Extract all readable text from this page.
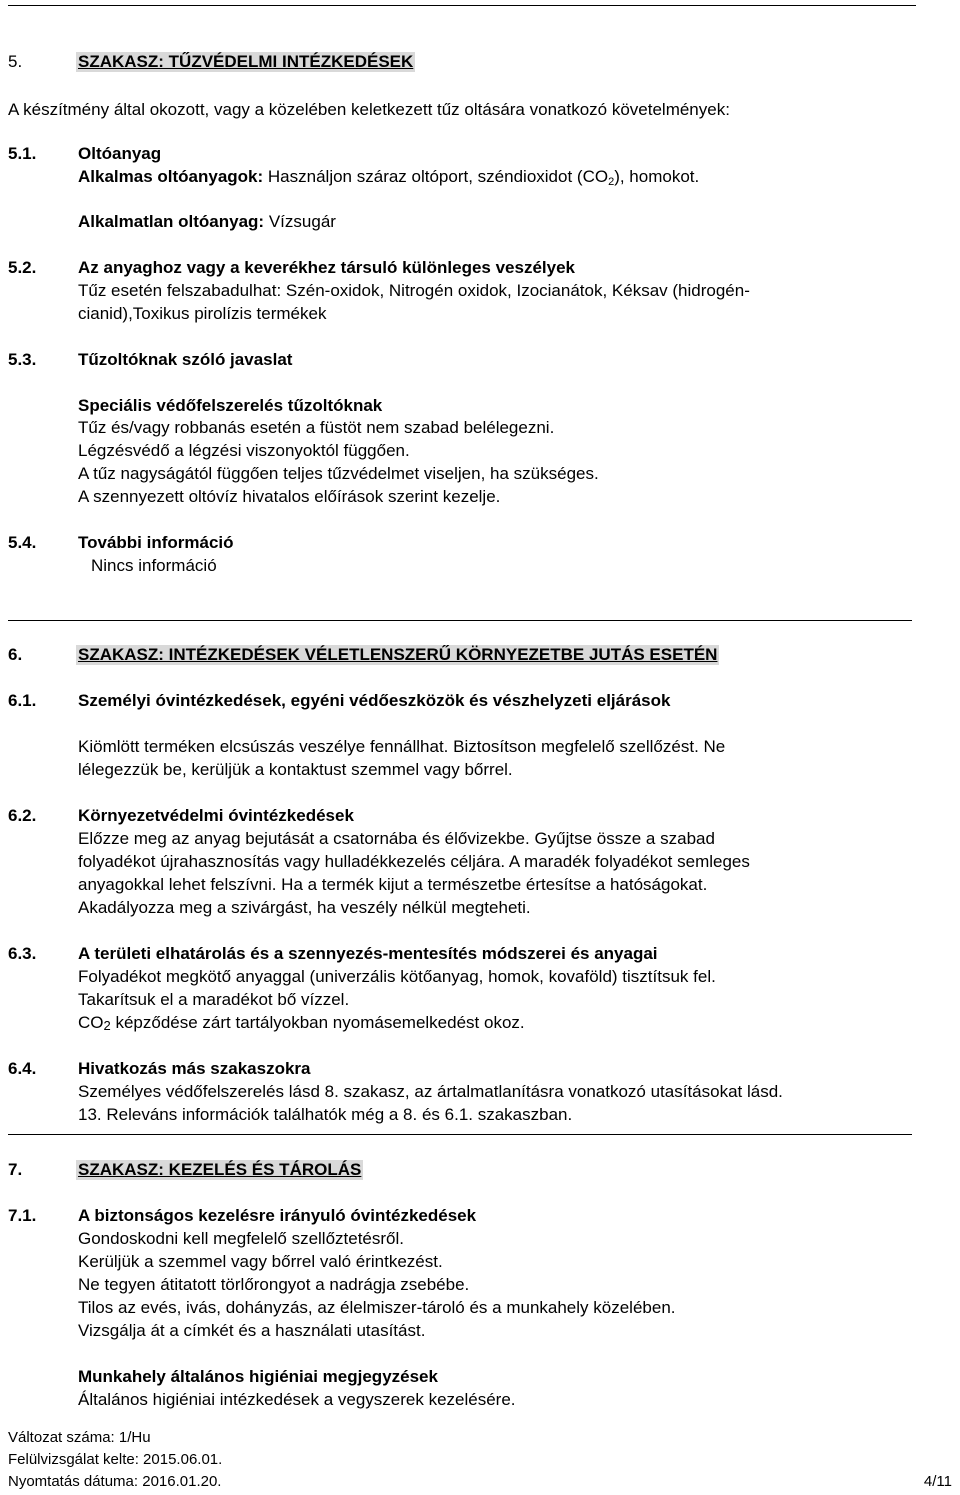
5.	SZAKASZ: TŰZVÉDELMI INTÉZKEDÉSEK
A készítmény által okozott, vagy a közelében keletkezett tűz oltására vonatkozó követelmények:
5.1. Oltóanyag
Alkalmas oltóanyagok: Használjon száraz oltóport, széndioxidot $(CO_2)$, homokot.
Alkalmatlan oltóanyag: Vízsugár
5.2. Az anyaghoz vagy a keverékhez társuló különleges veszélyek
Tűz esetén felszabadulhat: Szén-oxidok, Nitrogén oxidok, Izocianátok, Kéksav (hidrogén-
cianid),Toxikus pirolízis termékek
5.3. Tűzoltóknak szóló javaslat
Speciális védőfelszerelés tűzoltóknak
Tűz és/vagy robbanás esetén a füstöt nem szabad belélegezni.
Légzésvédő a légzési viszonyoktól függően.
A tűz nagyságától függően teljes tűzvédelmet viseljen, ha szükséges.
A szennyezett oltóvíz hivatalos előírások szerint kezelje.
5.4. További információ
Nincs információ
6.	SZAKASZ: INTÉZKEDÉSEK VÉLETLENSZERŰ KÖRNYEZETBE JUTÁS ESETÉN
6.1. Személyi óvintézkedések, egyéni védőeszközök és vészhelyzeti eljárások
Kiömlött terméken elcsúszás veszélye fennállhat. Biztosítson megfelelő szellőzést. Ne
lélegezzük be, kerüljük a kontaktust szemmel vagy bőrrel.
6.2. Környezetvédelmi óvintézkedések
Előzze meg az anyag bejutását a csatornába és élővizekbe. Gyűjtse össze a szabad
folyadékot újrahasznosítás vagy hulladékkezelés céljára. A maradék folyadékot semleges
anyagokkal lehet felszívni. Ha a termék kijut a természetbe értesítse a hatóságokat.
Akadályozza meg a szivárgást, ha veszély nélkül megteheti.
6.3. A területi elhatárolás és a szennyezés-mentesítés módszerei és anyagai
Folyadékot megkötő anyaggal (univerzális kötőanyag, homok, kovaföld) tisztítsuk fel.
Takarítsuk el a maradékot bő vízzel.
CO2 képződése zárt tartályokban nyomásemelkedést okoz.
6.4. Hivatkozás más szakaszokra
Személyes védőfelszerelés lásd 8. szakasz, az ártalmatlanításra vonatkozó utasításokat lásd.
13. Releváns információk találhatók még a 8. és 6.1. szakaszban.
7.	SZAKASZ: KEZELÉS ÉS TÁROLÁS
7.1. A biztonságos kezelésre irányuló óvintézkedések
Gondoskodni kell megfelelő szellőztetésről.
Kerüljük a szemmel vagy bőrrel való érintkezést.
Ne tegyen átitatott törlőrongyot a nadrágja zsebébe.
Tilos az evés, ivás, dohányzás, az élelmiszer-tároló és a munkahely közelében.
Vizsgálja át a címkét és a használati utasítást.
Munkahely általános higiéniai megjegyzések
Általános higiéniai intézkedések a vegyszerek kezelésére.
Változat száma: 1/Hu
Felülvizsgálat kelte: 2015.06.01.
Nyomtatás dátuma: 2016.01.20.	4/11
